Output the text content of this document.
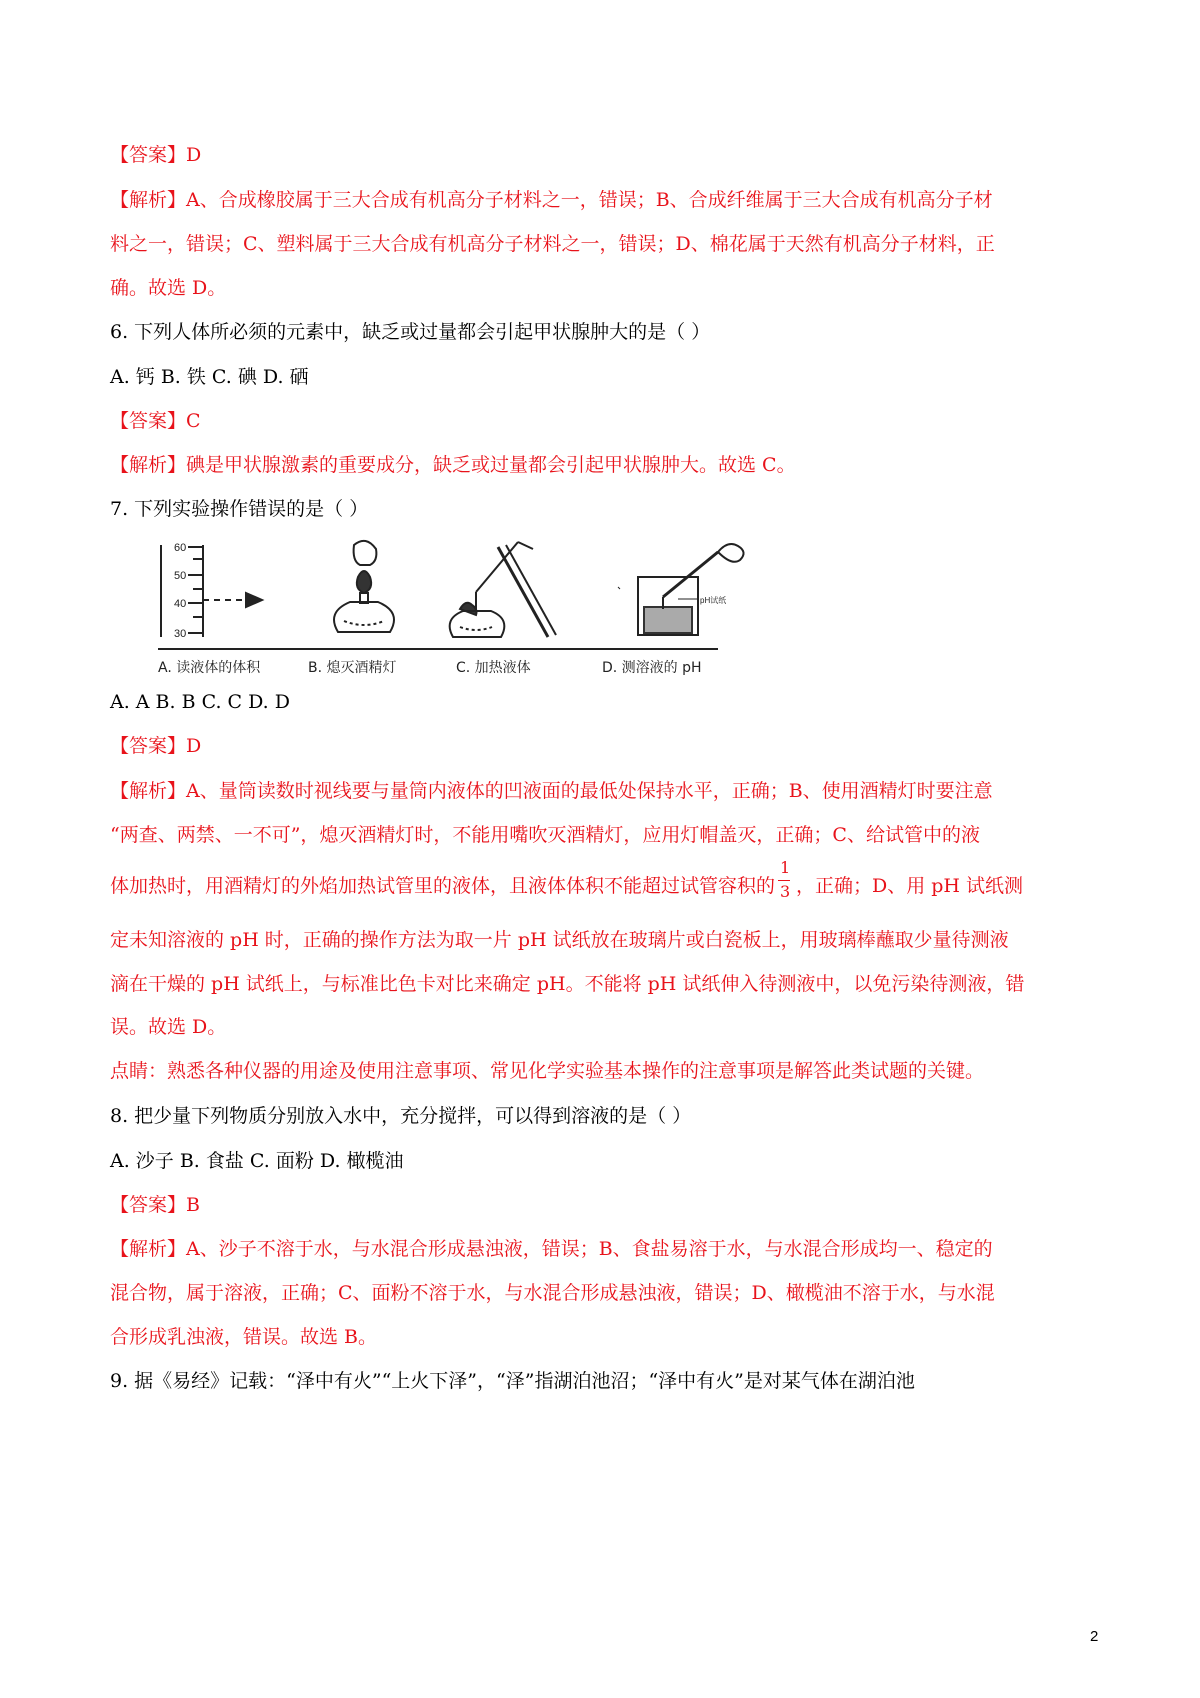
【答案】D
【解析】A、合成橡胶属于三大合成有机高分子材料之一，错误；B、合成纤维属于三大合成有机高分子材
料之一，错误；C、塑料属于三大合成有机高分子材料之一，错误；D、棉花属于天然有机高分子材料，正
确。故选 D。
6. 下列人体所必须的元素中，缺乏或过量都会引起甲状腺肿大的是（ ）
A. 钙 B. 铁 C. 碘 D. 硒
【答案】C
【解析】碘是甲状腺激素的重要成分，缺乏或过量都会引起甲状腺肿大。故选 C。
7. 下列实验操作错误的是（ ）
60
50
40
30
pH试纸
A. 读液体的体积	B. 熄灭酒精灯	C. 加热液体	D. 测溶液的 pH
A. A B. B C. C D. D
【答案】D
【解析】A、量筒读数时视线要与量筒内液体的凹液面的最低处保持水平，正确；B、使用酒精灯时要注意
“两查、两禁、一不可”，熄灭酒精灯时，不能用嘴吹灭酒精灯，应用灯帽盖灭，正确；C、给试管中的液
体加热时，用酒精灯的外焰加热试管里的液体，且液体体积不能超过试管容积的
1
3 ，正确；D、用 pH 试纸测
定未知溶液的 pH 时，正确的操作方法为取一片 pH 试纸放在玻璃片或白瓷板上，用玻璃棒蘸取少量待测液
滴在干燥的 pH 试纸上，与标准比色卡对比来确定 pH。不能将 pH 试纸伸入待测液中，以免污染待测液，错
误。故选 D。
点睛：熟悉各种仪器的用途及使用注意事项、常见化学实验基本操作的注意事项是解答此类试题的关键。
8. 把少量下列物质分别放入水中，充分搅拌，可以得到溶液的是（ ）
A. 沙子 B. 食盐 C. 面粉 D. 橄榄油
【答案】B
【解析】A、沙子不溶于水，与水混合形成悬浊液，错误；B、食盐易溶于水，与水混合形成均一、稳定的
混合物，属于溶液，正确；C、面粉不溶于水，与水混合形成悬浊液，错误；D、橄榄油不溶于水，与水混
合形成乳浊液，错误。故选 B。
9. 据《易经》记载：“泽中有火”“上火下泽”，“泽”指湖泊池沼；“泽中有火”是对某气体在湖泊池
2
